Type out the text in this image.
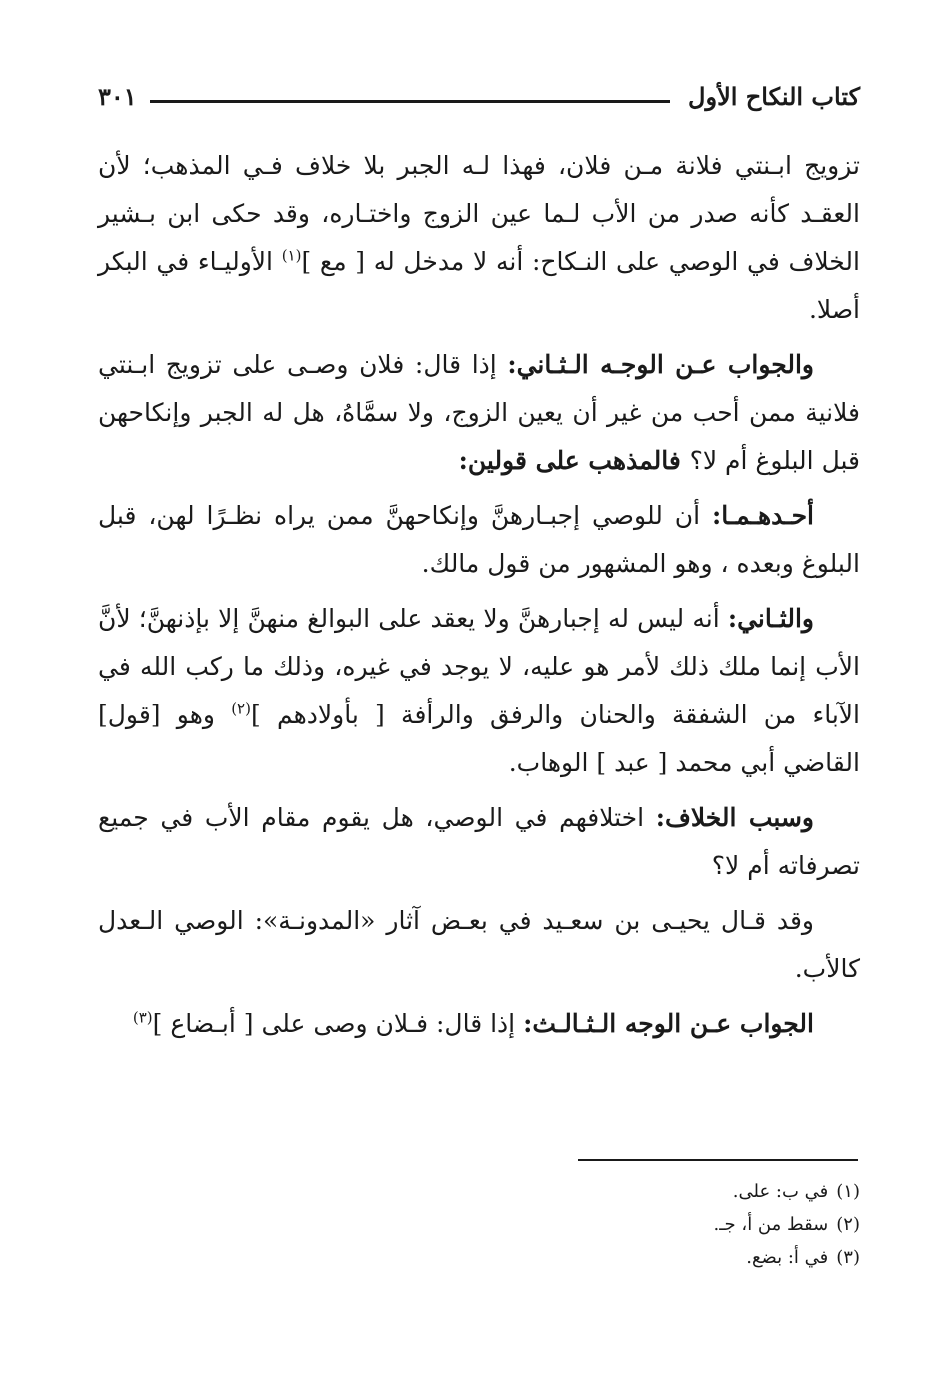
كتاب النكاح الأول
٣٠١

تزويج ابـنتي فلانة مـن فلان، فهذا لـه الجبر بلا خلاف فـي المذهب؛ لأن العقـد كأنه صدر من الأب لـما عين الزوج واختـاره، وقد حكى ابن بـشير الخلاف في الوصي على النـكاح: أنه لا مدخل له [ مع ]$^{(١)}$ الأوليـاء في البكر أصلا.

والجواب عـن الوجـه الـثـاني: إذا قال: فلان وصـى على تزويج ابـنتي فلانية ممن أحب من غير أن يعين الزوج، ولا سمَّاهُ، هل له الجبر وإنكاحهن قبل البلوغ أم لا؟ فالمذهب على قولين:

أحـدهـمـا: أن للوصي إجبـارهنَّ وإنكاحهنَّ ممن يراه نظـرًا لهن، قبل البلوغ وبعده ، وهو المشهور من قول مالك.

والثـاني: أنه ليس له إجبارهنَّ ولا يعقد على البوالغ منهنَّ إلا بإذنهنَّ؛ لأنَّ الأب إنما ملك ذلك لأمر هو عليه، لا يوجد في غيره، وذلك ما ركب الله في الآباء من الشفقة والحنان والرفق والرأفة [ بأولادهم ]$^{(٢)}$ وهو [قول] القاضي أبي محمد [ عبد ] الوهاب.

وسبب الخلاف: اختلافهم في الوصي، هل يقوم مقام الأب في جميع تصرفاته أم لا؟

وقد قـال يحيـى بن سعـيد في بعـض آثار «المدونـة»: الوصي الـعدل كالأب.

الجواب عـن الوجه الـثـالـث: إذا قال: فـلان وصى على [ أبـضاع ]$^{(٣)}$

(١)في ب: على.
(٢)سقط من أ، جـ.
(٣)في أ: بضع.
